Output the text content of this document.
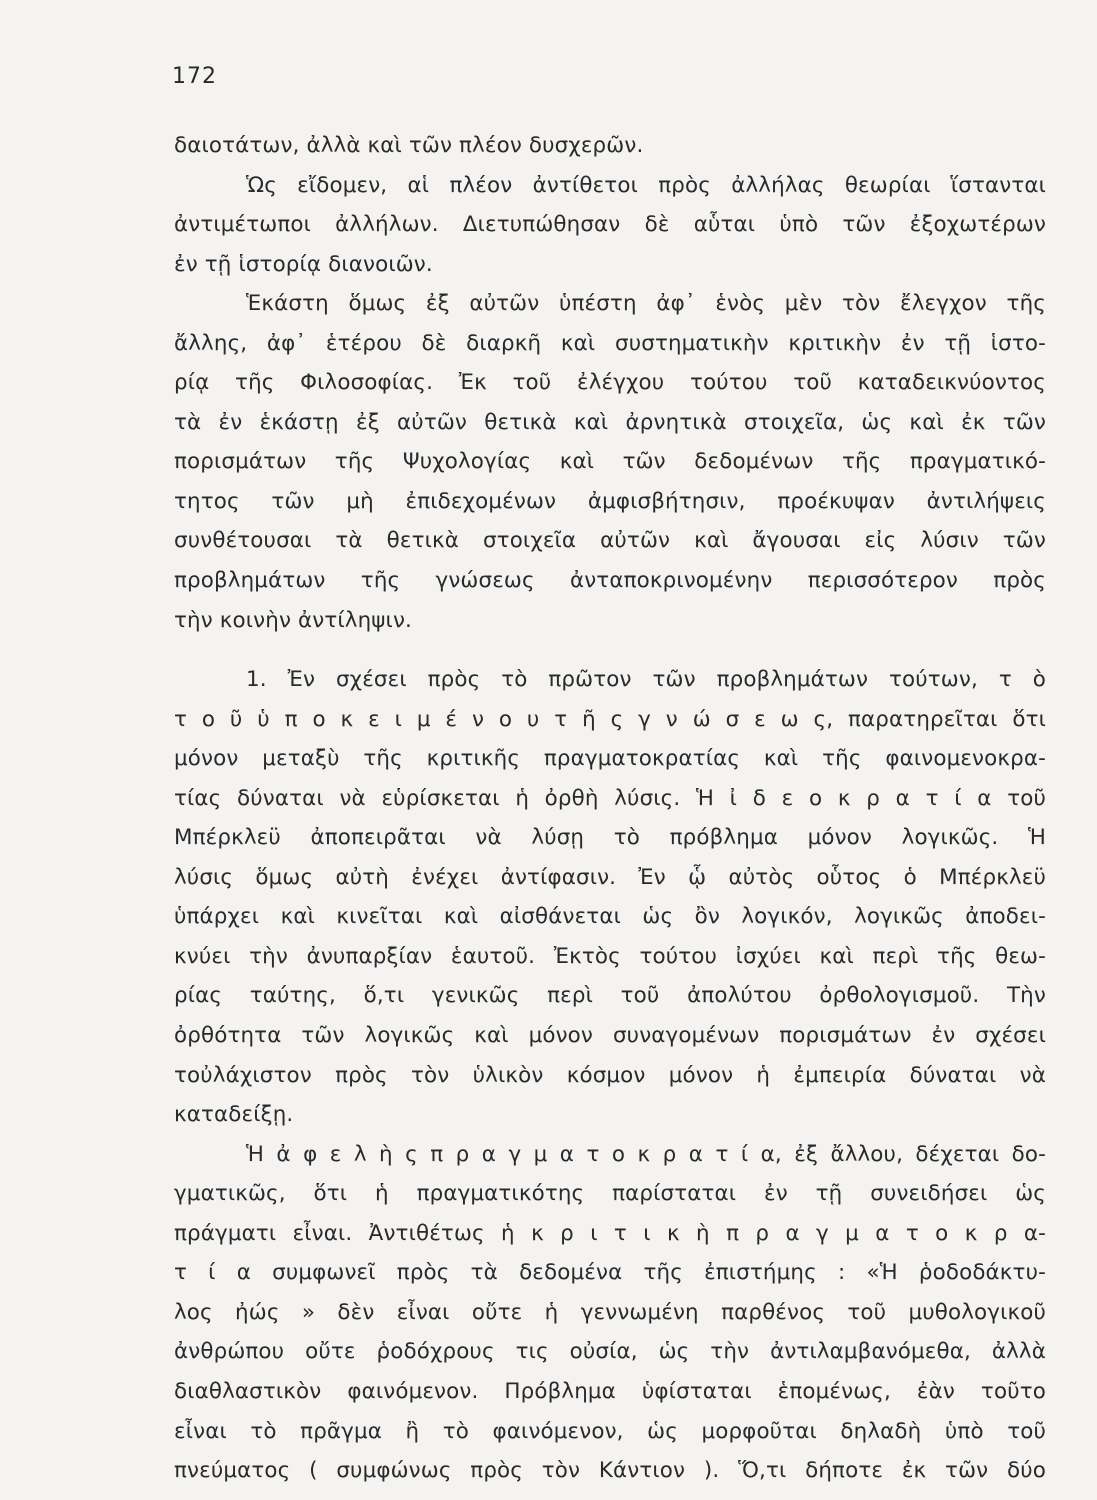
172
δαιοτάτων, ἀλλὰ καὶ τῶν πλέον δυσχερῶν.
Ὡς εἴδομεν, αἱ πλέον ἀντίθετοι πρὸς ἀλλήλας θεωρίαι ἵστανται
ἀντιμέτωποι ἀλλήλων. Διετυπώθησαν δὲ αὗται ὑπὸ τῶν ἐξοχωτέρων
ἐν τῇ ἱστορίᾳ διανοιῶν.
Ἑκάστη ὅμως ἐξ αὐτῶν ὑπέστη ἀφ᾽ ἑνὸς μὲν τὸν ἔλεγχον τῆς
ἄλλης, ἀφ᾽ ἑτέρου δὲ διαρκῆ καὶ συστηματικὴν κριτικὴν ἐν τῇ ἱστο-
ρίᾳ τῆς Φιλοσοφίας. Ἐκ τοῦ ἐλέγχου τούτου τοῦ καταδεικνύοντος
τὰ ἐν ἑκάστῃ ἐξ αὐτῶν θετικὰ καὶ ἀρνητικὰ στοιχεῖα, ὡς καὶ ἐκ τῶν
πορισμάτων τῆς Ψυχολογίας καὶ τῶν δεδομένων τῆς πραγματικό-
τητος τῶν μὴ ἐπιδεχομένων ἀμφισβήτησιν, προέκυψαν ἀντιλήψεις
συνθέτουσαι τὰ θετικὰ στοιχεῖα αὐτῶν καὶ ἄγουσαι εἰς λύσιν τῶν
προβλημάτων τῆς γνώσεως ἀνταποκρινομένην περισσότερον πρὸς
τὴν κοινὴν ἀντίληψιν.
1. Ἐν σχέσει πρὸς τὸ πρῶτον τῶν προβλημάτων τούτων, τ ὸ
τ ο ῦ ὑ π ο κ ε ι μ έ ν ο υ τ ῆ ς γ ν ώ σ ε ω ς, παρατηρεῖται ὅτι
μόνον μεταξὺ τῆς κριτικῆς πραγματοκρατίας καὶ τῆς φαινομενοκρα-
τίας δύναται νὰ εὑρίσκεται ἡ ὀρθὴ λύσις. Ἡ ἰ δ ε ο κ ρ α τ ί α τοῦ
Μπέρκλεϋ ἀποπειρᾶται νὰ λύσῃ τὸ πρόβλημα μόνον λογικῶς. Ἡ
λύσις ὅμως αὐτὴ ἐνέχει ἀντίφασιν. Ἐν ᾧ αὐτὸς οὗτος ὁ Μπέρκλεϋ
ὑπάρχει καὶ κινεῖται καὶ αἰσθάνεται ὡς ὂν λογικόν, λογικῶς ἀποδει-
κνύει τὴν ἀνυπαρξίαν ἑαυτοῦ. Ἐκτὸς τούτου ἰσχύει καὶ περὶ τῆς θεω-
ρίας ταύτης, ὅ,τι γενικῶς περὶ τοῦ ἀπολύτου ὀρθολογισμοῦ. Τὴν
ὀρθότητα τῶν λογικῶς καὶ μόνον συναγομένων πορισμάτων ἐν σχέσει
τοὐλάχιστον πρὸς τὸν ὑλικὸν κόσμον μόνον ἡ ἐμπειρία δύναται νὰ
καταδείξῃ.
Ἡ ἀ φ ε λ ὴ ς π ρ α γ μ α τ ο κ ρ α τ ί α, ἐξ ἄλλου, δέχεται δο-
γματικῶς, ὅτι ἡ πραγματικότης παρίσταται ἐν τῇ συνειδήσει ὡς
πράγματι εἶναι. Ἀντιθέτως ἡ κ ρ ι τ ι κ ὴ π ρ α γ μ α τ ο κ ρ α-
τ ί α συμφωνεῖ πρὸς τὰ δεδομένα τῆς ἐπιστήμης : «Ἡ ῥοδοδάκτυ-
λος ἠώς » δὲν εἶναι οὔτε ἡ γεννωμένη παρθένος τοῦ μυθολογικοῦ
ἀνθρώπου οὔτε ῥοδόχρους τις οὐσία, ὡς τὴν ἀντιλαμβανόμεθα, ἀλλὰ
διαθλαστικὸν φαινόμενον. Πρόβλημα ὑφίσταται ἑπομένως, ἐὰν τοῦτο
εἶναι τὸ πρᾶγμα ἢ τὸ φαινόμενον, ὡς μορφοῦται δηλαδὴ ὑπὸ τοῦ
πνεύματος ( συμφώνως πρὸς τὸν Κάντιον ). Ὅ,τι δήποτε ἐκ τῶν δύο
